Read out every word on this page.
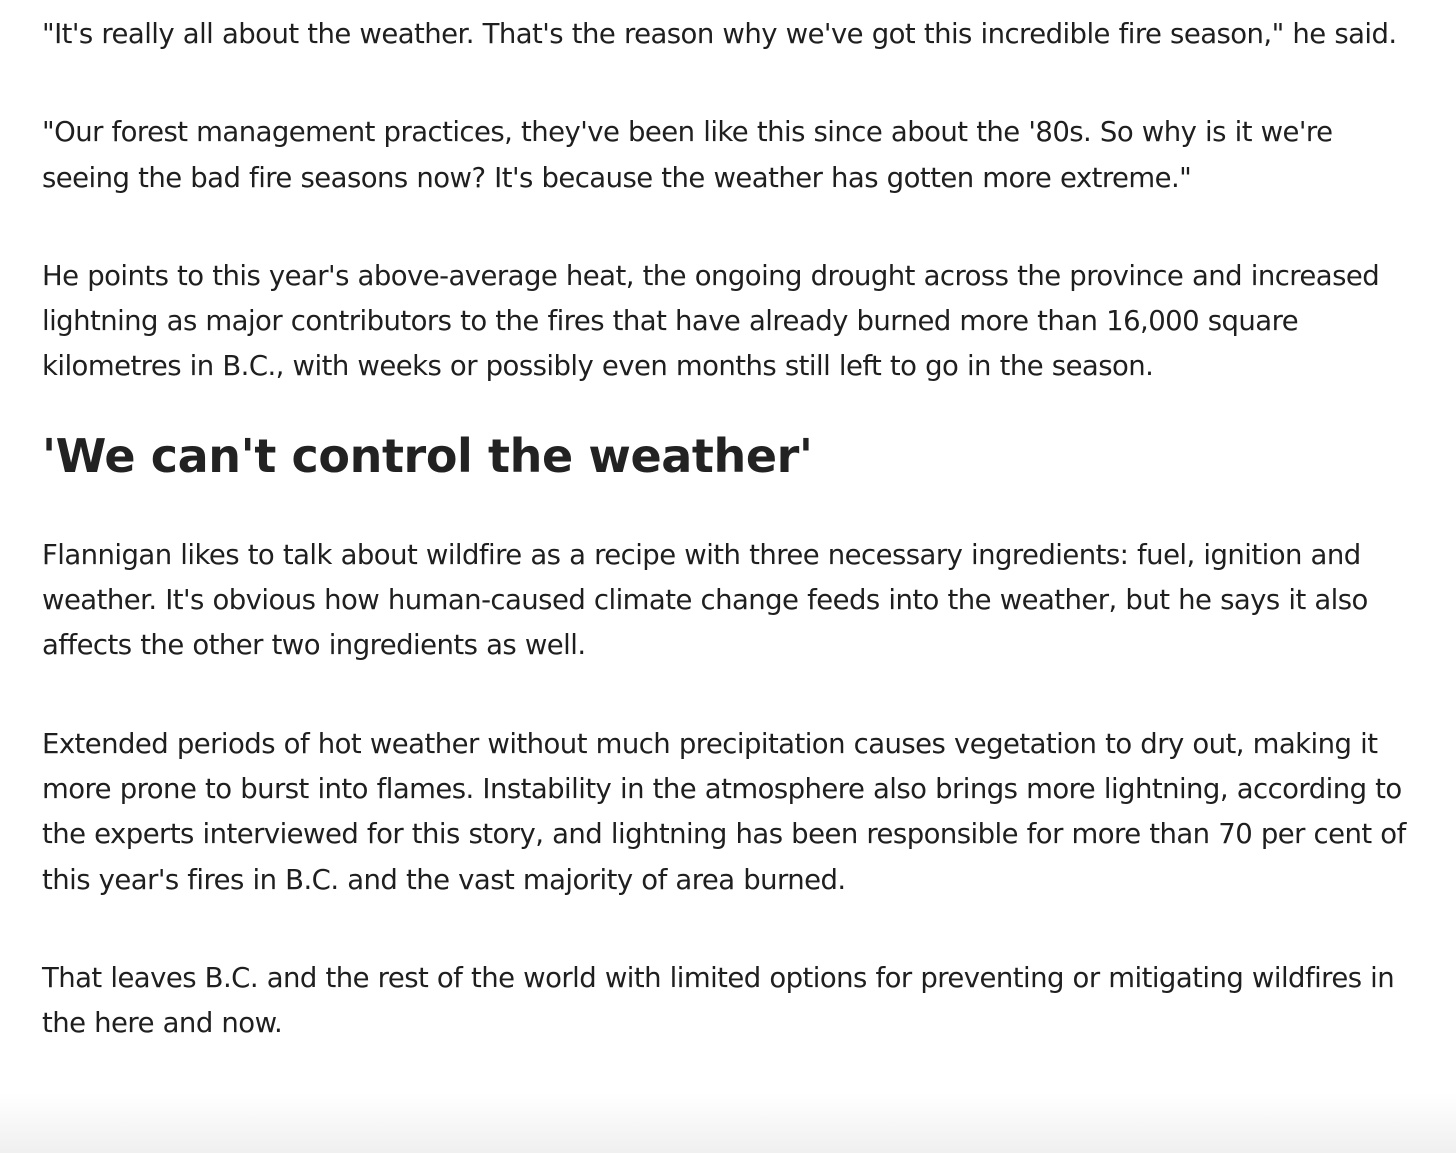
"It's really all about the weather. That's the reason why we've got this incredible fire season," he said.

"Our forest management practices, they've been like this since about the '80s. So why is it we're seeing the bad fire seasons now? It's because the weather has gotten more extreme."

He points to this year's above-average heat, the ongoing drought across the province and increased lightning as major contributors to the fires that have already burned more than 16,000 square kilometres in B.C., with weeks or possibly even months still left to go in the season.

'We can't control the weather'

Flannigan likes to talk about wildfire as a recipe with three necessary ingredients: fuel, ignition and weather. It's obvious how human-caused climate change feeds into the weather, but he says it also affects the other two ingredients as well.

Extended periods of hot weather without much precipitation causes vegetation to dry out, making it more prone to burst into flames. Instability in the atmosphere also brings more lightning, according to the experts interviewed for this story, and lightning has been responsible for more than 70 per cent of this year's fires in B.C. and the vast majority of area burned.

That leaves B.C. and the rest of the world with limited options for preventing or mitigating wildfires in the here and now.
